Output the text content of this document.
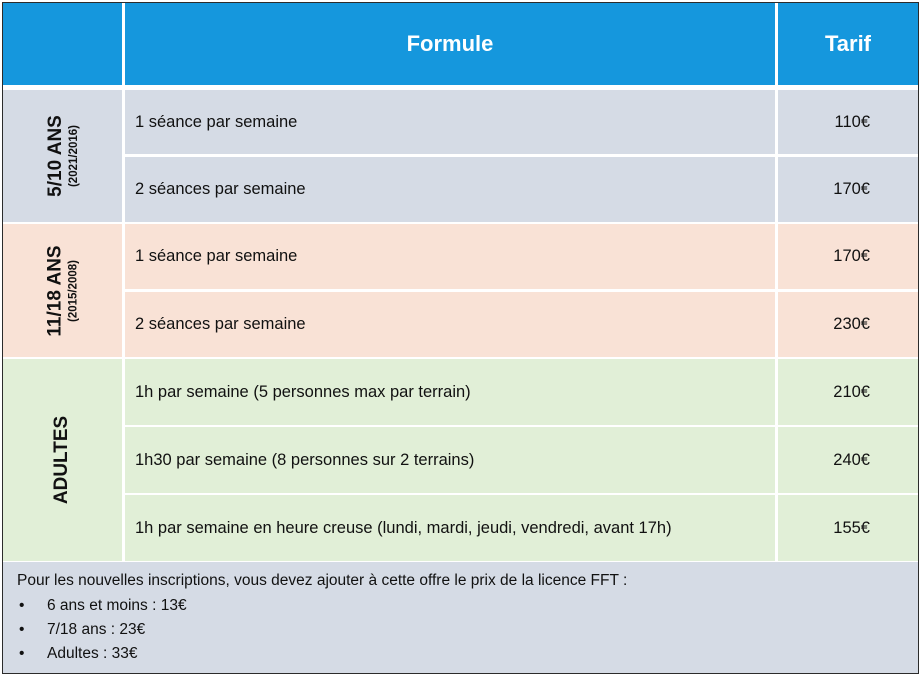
Formule	Tarif
5/10 ANS (2021/2016)
1 séance par semaine	110€
2 séances par semaine	170€
11/18 ANS (2015/2008)
1 séance par semaine	170€
2 séances par semaine	230€
ADULTES
1h par semaine (5 personnes max par terrain)	210€
1h30 par semaine (8 personnes sur 2 terrains)	240€
1h par semaine en heure creuse (lundi, mardi, jeudi, vendredi, avant 17h)	155€

Pour les nouvelles inscriptions, vous devez ajouter à cette offre le prix de la licence FFT :

• 6 ans et moins : 13€
• 7/18 ans : 23€
• Adultes : 33€
